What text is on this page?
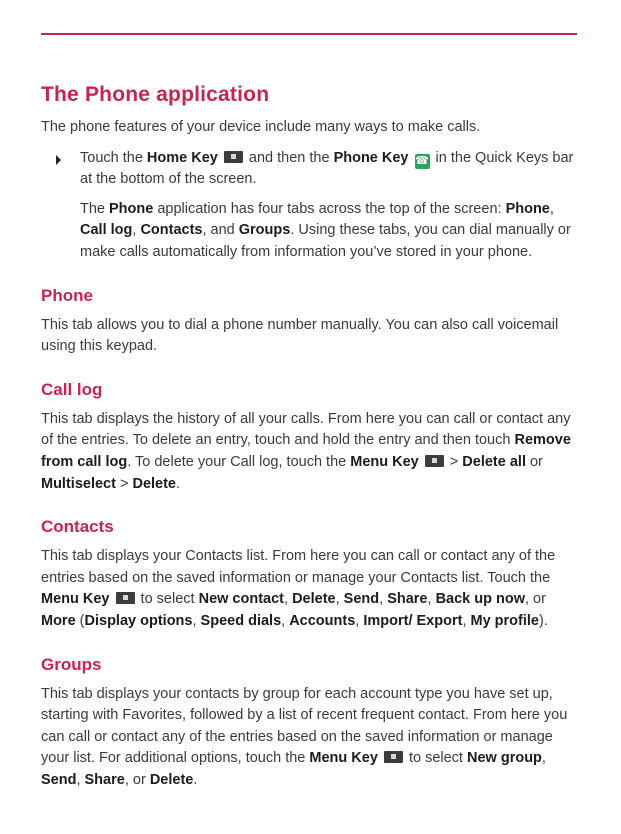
The Phone application

The phone features of your device include many ways to make calls.

Touch the Home Key  and then the Phone Key ☎ in the Quick Keys bar at the bottom of the screen.

The Phone application has four tabs across the top of the screen: Phone, Call log, Contacts, and Groups. Using these tabs, you can dial manually or make calls automatically from information you’ve stored in your phone.

Phone

This tab allows you to dial a phone number manually. You can also call voicemail using this keypad.

Call log

This tab displays the history of all your calls. From here you can call or contact any of the entries. To delete an entry, touch and hold the entry and then touch Remove from call log. To delete your Call log, touch the Menu Key  > Delete all or Multiselect > Delete.

Contacts

This tab displays your Contacts list. From here you can call or contact any of the entries based on the saved information or manage your Contacts list. Touch the Menu Key  to select New contact, Delete, Send, Share, Back up now, or More (Display options, Speed dials, Accounts, Import/ Export, My profile).

Groups

This tab displays your contacts by group for each account type you have set up, starting with Favorites, followed by a list of recent frequent contact. From here you can call or contact any of the entries based on the saved information or manage your list. For additional options, touch the Menu Key  to select New group, Send, Share, or Delete.
